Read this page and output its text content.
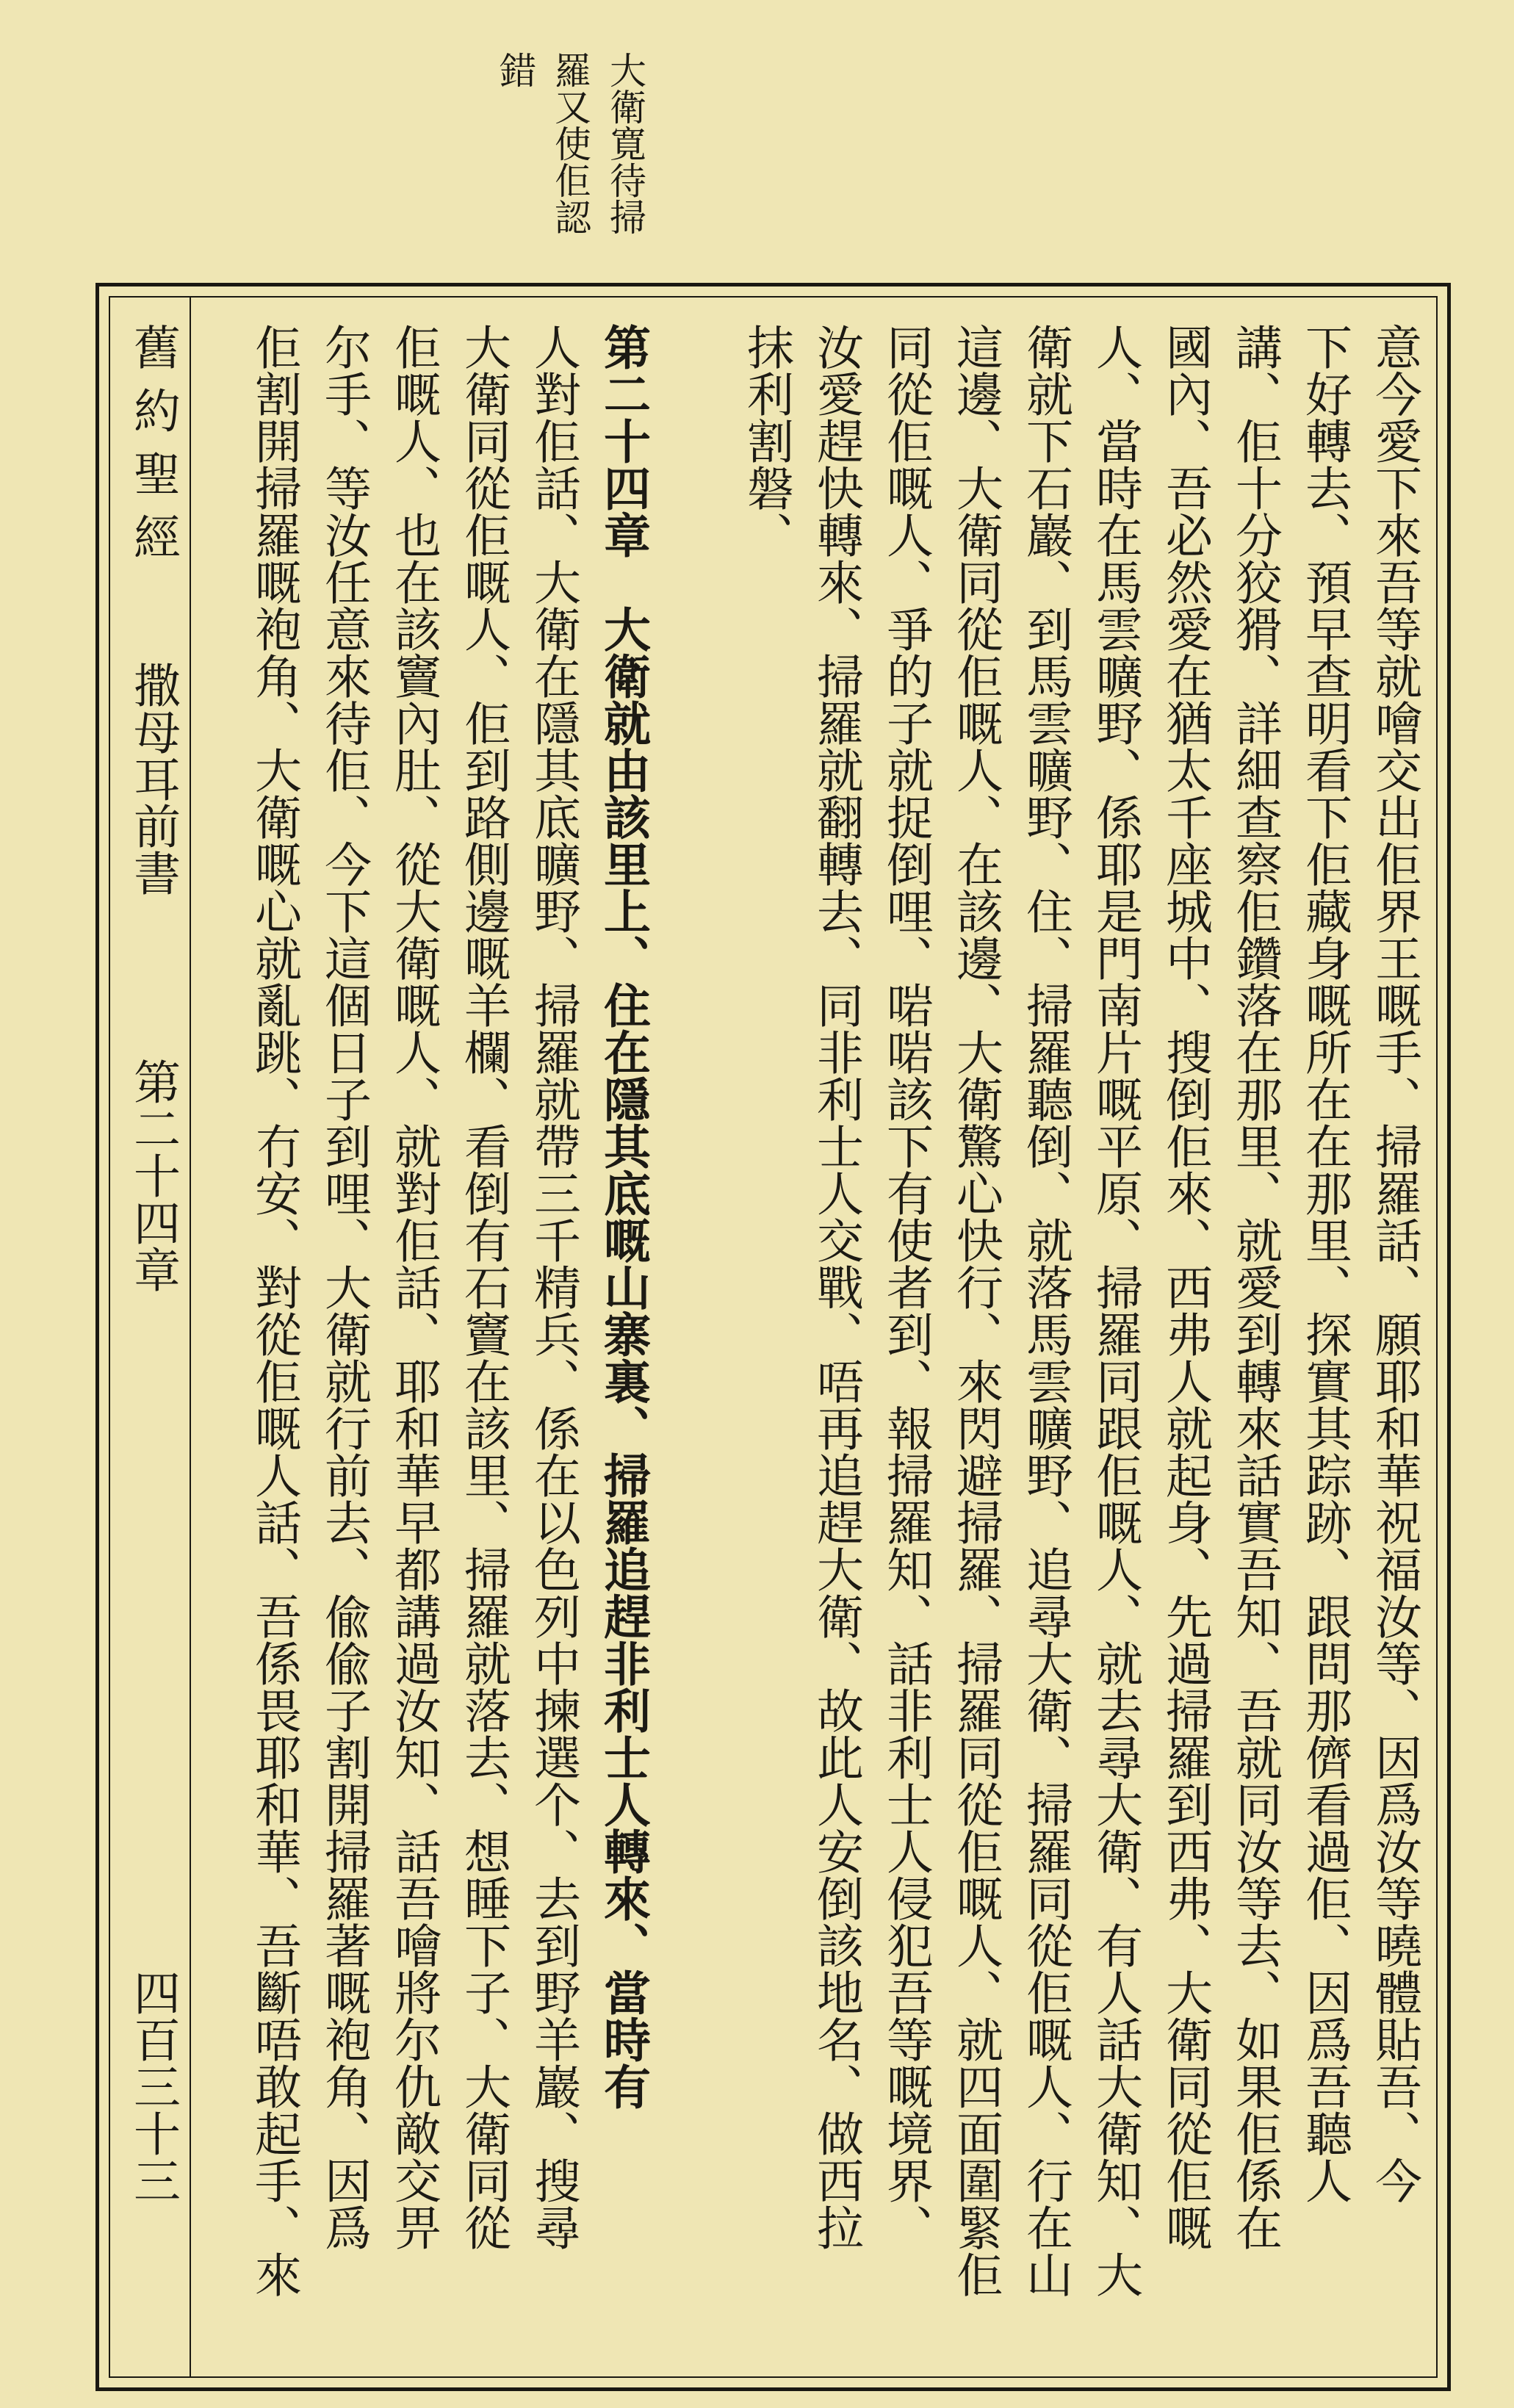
大衛寛待掃
羅又使佢認
錯
舊約聖經
撒母耳前書
第二十四章
四百三十三	意今愛下來吾等就噲交出佢界王嘅手、掃羅話、願耶和華祝福汝等、因爲汝等曉體貼吾、今
下好轉去、預早查明看下佢藏身嘅所在在那里、探實其踪跡、跟問那儕看過佢、因爲吾聽人
講、佢十分狡猾、詳細查察佢鑽落在那里、就愛到轉來話實吾知、吾就同汝等去、如果佢係在
國內、吾必然愛在猶太千座城中、搜倒佢來、西弗人就起身、先過掃羅到西弗、大衛同從佢嘅
人、當時在馬雲曠野、係耶是門南片嘅平原、掃羅同跟佢嘅人、就去尋大衛、有人話大衛知、大
衛就下石巖、到馬雲曠野、住、掃羅聽倒、就落馬雲曠野、追尋大衛、掃羅同從佢嘅人、行在山
這邊、大衛同從佢嘅人、在該邊、大衛驚心快行、來閃避掃羅、掃羅同從佢嘅人、就四面圍緊佢
同從佢嘅人、爭的子就捉倒哩、啱啱該下有使者到、報掃羅知、話非利士人侵犯吾等嘅境界、
汝愛趕快轉來、掃羅就翻轉去、同非利士人交戰、唔再追趕大衛、故此人安倒該地名、做西拉
抹利割磐、
第二十四章　大衛就由該里上、住在隱其底嘅山寨裏、掃羅追趕非利士人轉來、當時有
人對佢話、大衛在隱其底曠野、掃羅就帶三千精兵、係在以色列中揀選个、去到野羊巖、搜尋
大衛同從佢嘅人、佢到路側邊嘅羊欄、看倒有石竇在該里、掃羅就落去、想睡下子、大衛同從
佢嘅人、也在該竇內肚、從大衛嘅人、就對佢話、耶和華早都講過汝知、話吾噲將尔仇敵交畀
尔手、等汝任意來待佢、今下這個日子到哩、大衛就行前去、偸偸子割開掃羅著嘅袍角、因爲
佢割開掃羅嘅袍角、大衛嘅心就亂跳、冇安、對從佢嘅人話、吾係畏耶和華、吾斷唔敢起手、來
